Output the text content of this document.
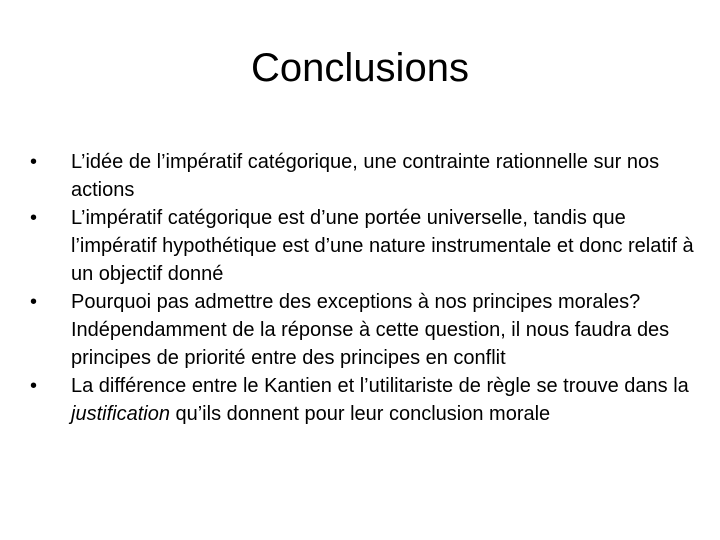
Conclusions
•	L’idée de l’impératif catégorique, une contrainte rationnelle sur nos actions
•	L’impératif catégorique est d’une portée universelle, tandis que l’impératif hypothétique est d’une nature instrumentale et donc relatif à un objectif donné
•	Pourquoi pas admettre des exceptions à nos principes morales? Indépendamment de la réponse à cette question, il nous faudra des principes de priorité entre des principes en conflit
•	La différence entre le Kantien et l’utilitariste de règle se trouve dans la justification qu’ils donnent pour leur conclusion morale
